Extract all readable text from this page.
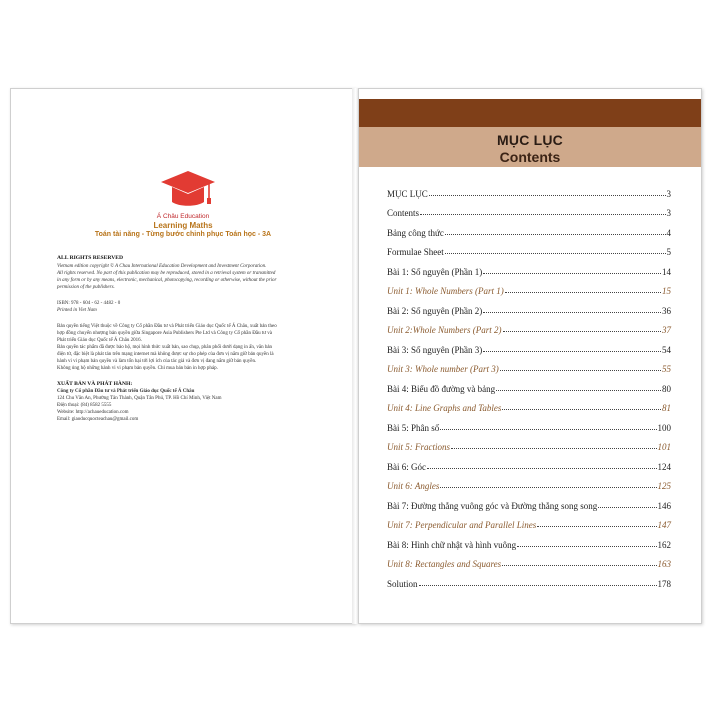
Á Châu Education
Learning Maths
Toán tài năng - Từng bước chinh phục Toán học - 3A
ALL RIGHTS RESERVED
Vietnam edition copyright © A Chau International Education Development and Investment Corporation.
All rights reserved. No part of this publication may be reproduced, stored in a retrieval system or transmitted
in any form or by any means, electronic, mechanical, photocopying, recording or otherwise, without the prior
permission of the publishers.
ISBN: 978 - 604 - 62 - 4482 - 0
Printed in Viet Nam
Bản quyền tiếng Việt thuộc về Công ty Cổ phần Đầu tư và Phát triển Giáo dục Quốc tế Á Châu, xuất bản theo
hợp đồng chuyển nhượng bản quyền giữa Singapore Asia Publishers Pte Ltd và Công ty Cổ phần Đầu tư và
Phát triển Giáo dục Quốc tế Á Châu 2016.
Bản quyền tác phẩm đã được bảo hộ, mọi hình thức xuất bản, sao chụp, phân phối dưới dạng in ấn, văn bản
điện tử, đặc biệt là phát tán trên mạng internet mà không được sự cho phép của đơn vị nắm giữ bản quyền là
hành vi vi phạm bản quyền và làm tổn hại tới lợi ích của tác giả và đơn vị đang nắm giữ bản quyền.
Không ủng hộ những hành vi vi phạm bản quyền. Chỉ mua bán bản in hợp pháp.
XUẤT BẢN VÀ PHÁT HÀNH:
Công ty Cổ phần Đầu tư và Phát triển Giáo dục Quốc tế Á Châu
124 Chu Văn An, Phường Tân Thành, Quận Tân Phú, TP. Hồ Chí Minh, Việt Nam
Điện thoại: (84) 8582 5555
Website: http://achaueducation.com
Email: giaoducquocteachau@gmail.com
MỤC LỤC
Contents
MỤC LỤC	3
Contents	3
Bảng công thức	4
Formulae Sheet	5
Bài 1: Số nguyên (Phần 1)	14
Unit 1: Whole Numbers (Part 1)	15
Bài 2: Số nguyên (Phần 2)	36
Unit 2:Whole Numbers (Part 2)	37
Bài 3: Số nguyên (Phần 3)	54
Unit 3: Whole number (Part 3)	55
Bài 4: Biểu đồ đường và bảng	80
Unit 4: Line Graphs and Tables	81
Bài 5: Phân số	100
Unit 5: Fractions	101
Bài 6: Góc	124
Unit 6: Angles	125
Bài 7: Đường thẳng vuông góc và Đường thẳng song song	146
Unit 7: Perpendicular and Parallel Lines	147
Bài 8: Hình chữ nhật và hình vuông	162
Unit 8: Rectangles and Squares	163
Solution	178
